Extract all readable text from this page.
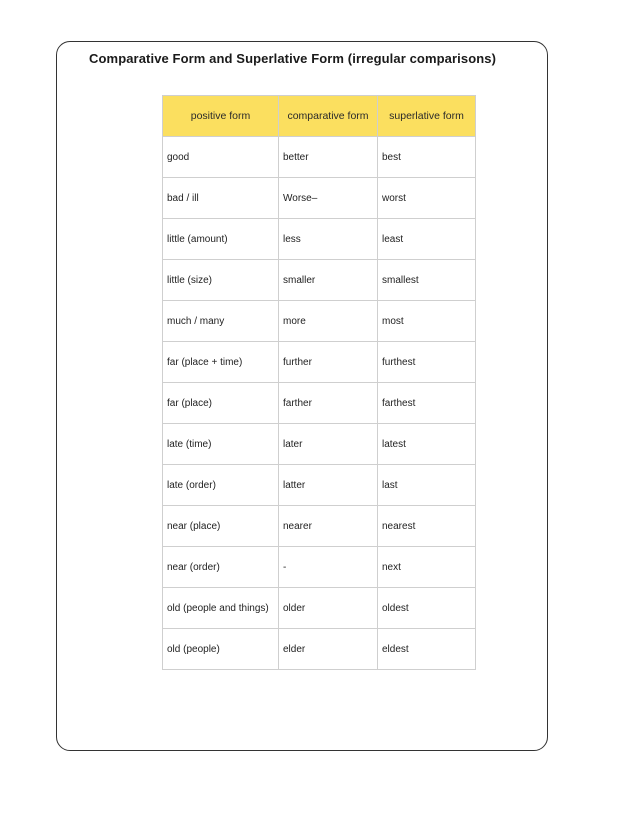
Comparative Form and Superlative Form (irregular comparisons)
positive form	comparative form	superlative form
good	better	best
bad / ill	Worse–	worst
little (amount)	less	least
little (size)	smaller	smallest
much / many	more	most
far (place + time)	further	furthest
far (place)	farther	farthest
late (time)	later	latest
late (order)	latter	last
near (place)	nearer	nearest
near (order)	-	next
old (people and things)	older	oldest
old (people)	elder	eldest
